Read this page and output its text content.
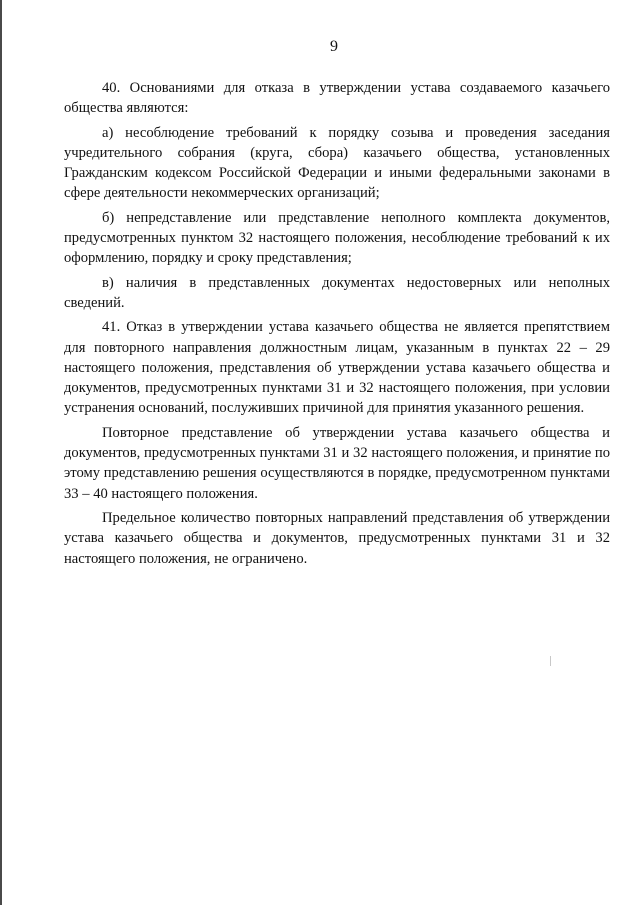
9

40. Основаниями для отказа в утверждении устава создаваемого казачьего общества являются:

а) несоблюдение требований к порядку созыва и проведения заседания учредительного собрания (круга, сбора) казачьего общества, установленных Гражданским кодексом Российской Федерации и иными федеральными законами в сфере деятельности некоммерческих организаций;

б) непредставление или представление неполного комплекта документов, предусмотренных пунктом 32 настоящего положения, несоблюдение требований к их оформлению, порядку и сроку представления;

в) наличия в представленных документах недостоверных или неполных сведений.

41. Отказ в утверждении устава казачьего общества не является препятствием для повторного направления должностным лицам, указанным в пунктах 22 – 29 настоящего положения, представления об утверждении устава казачьего общества и документов, предусмотренных пунктами 31 и 32 настоящего положения, при условии устранения оснований, послуживших причиной для принятия указанного решения.

Повторное представление об утверждении устава казачьего общества и документов, предусмотренных пунктами 31 и 32 настоящего положения, и принятие по этому представлению решения осуществляются в порядке, предусмотренном пунктами 33 – 40 настоящего положения.

Предельное количество повторных направлений представления об утверждении устава казачьего общества и документов, предусмотренных пунктами 31 и 32 настоящего положения, не ограничено.
